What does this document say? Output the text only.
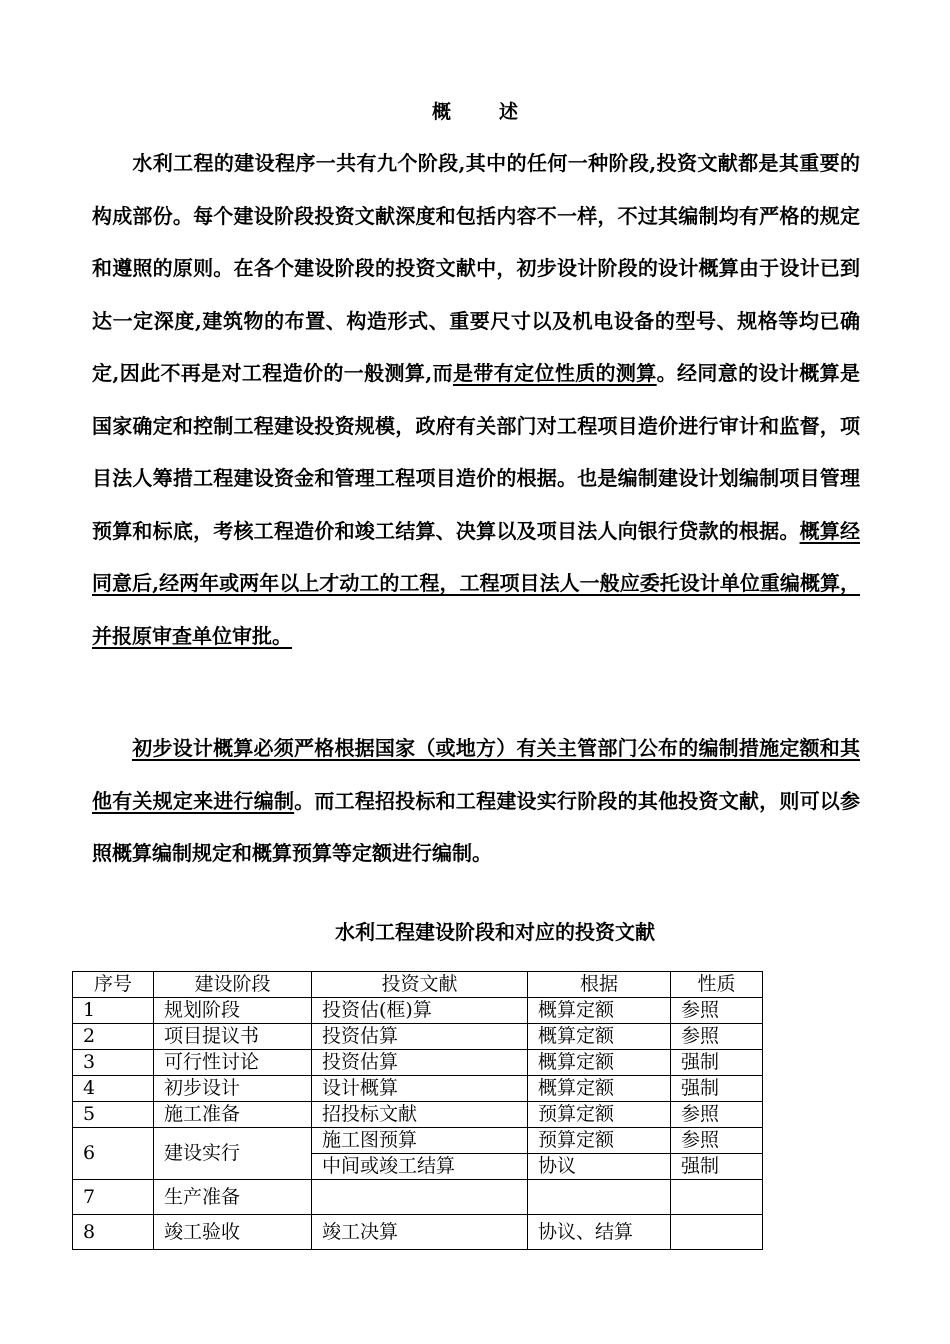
概	述

水利工程的建设程序一共有九个阶段,其中的任何一种阶段,投资文献都是其重要的构成部份。每个建设阶段投资文献深度和包括内容不一样，不过其编制均有严格的规定和遵照的原则。在各个建设阶段的投资文献中，初步设计阶段的设计概算由于设计已到达一定深度,建筑物的布置、构造形式、重要尺寸以及机电设备的型号、规格等均已确定,因此不再是对工程造价的一般测算,而是带有定位性质的测算。经同意的设计概算是国家确定和控制工程建设投资规模，政府有关部门对工程项目造价进行审计和监督，项目法人筹措工程建设资金和管理工程项目造价的根据。也是编制建设计划编制项目管理预算和标底，考核工程造价和竣工结算、决算以及项目法人向银行贷款的根据。概算经同意后,经两年或两年以上才动工的工程，工程项目法人一般应委托设计单位重编概算，并报原审查单位审批。

初步设计概算必须严格根据国家（或地方）有关主管部门公布的编制措施定额和其他有关规定来进行编制。而工程招投标和工程建设实行阶段的其他投资文献，则可以参照概算编制规定和概算预算等定额进行编制。

水利工程建设阶段和对应的投资文献
序号	建设阶段	投资文献	根据	性质
1	规划阶段	投资估(框)算	概算定额	参照
2	项目提议书	投资估算	概算定额	参照
3	可行性讨论	投资估算	概算定额	强制
4	初步设计	设计概算	概算定额	强制
5	施工准备	招投标文献	预算定额	参照
6	建设实行	施工图预算	预算定额	参照
		中间或竣工结算	协议	强制
7	生产准备			
8	竣工验收	竣工决算	协议、结算	
